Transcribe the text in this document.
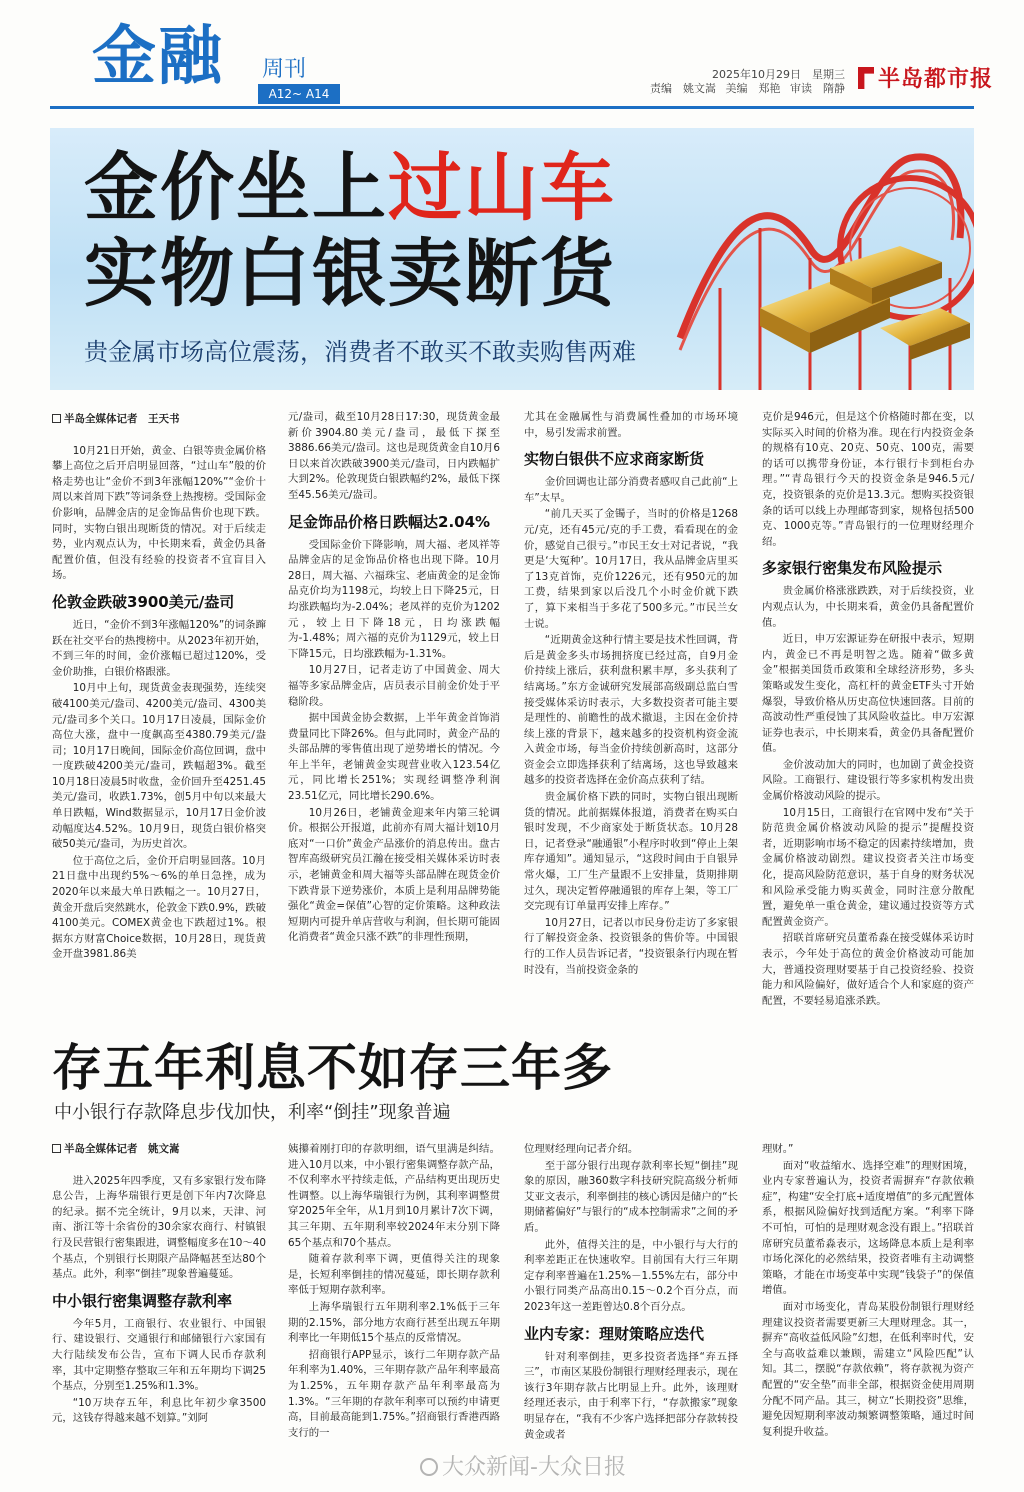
金融 周刊
A12~ A14
2025年10月29日　星期三
责编　姚文嵩 美编　郑艳 审读　隋静	半岛都市报
金价坐上过山车
实物白银卖断货
贵金属市场高位震荡，消费者不敢买不敢卖购售两难
半岛全媒体记者　王天书

10月21日开始，黄金、白银等贵金属价格攀上高位之后开启明显回落，“过山车”般的价格走势也让“金价不到3年涨幅120%”“金价十周以来首周下跌”等词条登上热搜榜。受国际金价影响，品牌金店的足金饰品售价也现下跌。同时，实物白银出现断货的情况。对于后续走势，业内观点认为，中长期来看，黄金仍具备配置价值，但没有经验的投资者不宜盲目入场。

伦敦金跌破3900美元/盎司

近日，“金价不到3年涨幅120%”的词条蹿跃在社交平台的热搜榜中。从2023年初开始，不到三年的时间，金价涨幅已超过120%，受金价助推，白银价格跟涨。

10月中上旬，现货黄金表现强势，连续突破4100美元/盎司、4200美元/盎司、4300美元/盎司多个关口。10月17日凌晨，国际金价高位大涨，盘中一度飙高至4380.79美元/盎司；10月17日晚间，国际金价高位回调，盘中一度跌破4200美元/盎司，跌幅超3%。截至10月18日凌晨5时收盘，金价回升至4251.45美元/盎司，收跌1.73%，创5月中旬以来最大单日跌幅，Wind数据显示，10月17日金价波动幅度达4.52%。10月9日，现货白银价格突破50美元/盎司，为历史首次。

位于高位之后，金价开启明显回落。10月21日盘中出现约5%～6%的单日急挫，成为2020年以来最大单日跌幅之一。10月27日，黄金开盘后突然跳水，伦敦金下跌0.9%，跌破4100美元。COMEX黄金也下跌超过1%。根据东方财富Choice数据，10月28日，现货黄金开盘3981.86美

元/盎司，截至10月28日17:30，现货黄金最新价3904.80美元/盎司，最低下探至3886.66美元/盎司。这也是现货黄金自10月6日以来首次跌破3900美元/盎司，日内跌幅扩大到2%。伦敦现货白银跌幅约2%，最低下探至45.56美元/盎司。

足金饰品价格日跌幅达2.04%

受国际金价下降影响，周大福、老凤祥等品牌金店的足金饰品价格也出现下降。10月28日，周大福、六福珠宝、老庙黄金的足金饰品克价均为1198元，均较上日下降25元，日均涨跌幅均为-2.04%；老凤祥的克价为1202元，较上日下降18元，日均涨跌幅为-1.48%；周六福的克价为1129元，较上日下降15元，日均涨跌幅为-1.31%。

10月27日，记者走访了中国黄金、周大福等多家品牌金店，店员表示目前金价处于平稳阶段。

据中国黄金协会数据，上半年黄金首饰消费量同比下降26%。但与此同时，黄金产品的头部品牌的零售值出现了逆势增长的情况。今年上半年，老铺黄金实现营业收入123.54亿元，同比增长251%；实现经调整净利润23.51亿元，同比增长290.6%。

10月26日，老铺黄金迎来年内第三轮调价。根据公开报道，此前亦有周大福计划10月底对“一口价”黄金产品涨价的消息传出。盘古智库高级研究员江瀚在接受相关媒体采访时表示，老铺黄金和周大福等头部品牌在现货金价下跌背景下逆势涨价，本质上是利用品牌势能强化“黄金=保值”心智的定价策略。这种政法短期内可提升单店营收与利润，但长期可能固化消费者“黄金只涨不跌”的非理性预期，

尤其在金融属性与消费属性叠加的市场环境中，易引发需求前置。

实物白银供不应求商家断货

金价回调也让部分消费者感叹自己此前“上车”太早。

“前几天买了金镯子，当时的价格是1268元/克，还有45元/克的手工费，看看现在的金价，感觉自己很亏。”市民王女士对记者说，“我更是‘大冤种’。10月17日，我从品牌金店里买了13克首饰，克价1226元，还有950元的加工费，结果到家以后没几个小时金价就下跌了，算下来相当于多花了500多元。”市民兰女士说。

“近期黄金这种行情主要是技术性回调，背后是黄金多头市场拥挤度已经过高，自9月金价持续上涨后，获利盘积累丰厚，多头获利了结离场。”东方金诚研究发展部高级副总监白雪接受媒体采访时表示，大多数投资者可能主要是理性的、前瞻性的战术撤退，主因在金价持续上涨的背景下，越来越多的投资机构资金流入黄金市场，每当金价持续创新高时，这部分资金会立即选择获利了结离场，这也导致越来越多的投资者选择在金价高点获利了结。

贵金属价格下跌的同时，实物白银出现断货的情况。此前据媒体报道，消费者在购买白银时发现，不少商家处于断货状态。10月28日，记者登录“融通银”小程序时收到“停止上架库存通知”。通知显示，“这段时间由于自银异常火爆，工厂生产量跟不上安排量，货期排期过久，现决定暂停融通银的库存上架，等工厂交完现有订单量再安排上库存。”

10月27日，记者以市民身份走访了多家银行了解投资金条、投资银条的售价等。中国银行的工作人员告诉记者，“投资银条行内现在暂时没有，当前投资金条的

克价是946元，但是这个价格随时都在变，以实际买入时间的价格为准。现在行内投资金条的规格有10克、20克、50克、100克，需要的话可以携带身份证，本行银行卡到柜台办理。”“青岛银行今天的投资金条是946.5元/克，投资银条的克价是13.3元。想购买投资银条的话可以线上办理邮寄到家，规格包括500克、1000克等。”青岛银行的一位理财经理介绍。

多家银行密集发布风险提示

贵金属价格涨涨跌跌，对于后续投资，业内观点认为，中长期来看，黄金仍具备配置价值。

近日，申万宏源证券在研报中表示，短期内，黄金已不再是明智之选。随着“做多黄金”根据美国货币政策和全球经济形势，多头策略或发生变化，高杠杆的黄金ETF头寸开始爆裂，导致价格从历史高位快速回落。目前的高波动性严重侵蚀了其风险收益比。申万宏源证券也表示，中长期来看，黄金仍具备配置价值。

金价波动加大的同时，也加剧了黄金投资风险。工商银行、建设银行等多家机构发出贵金属价格波动风险的提示。

10月15日，工商银行在官网中发布“关于防范贵金属价格波动风险的提示”提醒投资者，近期影响市场不稳定的因素持续增加，贵金属价格波动剧烈。建议投资者关注市场变化，提高风险防范意识，基于自身的财务状况和风险承受能力购买黄金，同时注意分散配置，避免单一重仓黄金，建议通过投资等方式配置黄金资产。

招联首席研究员董希淼在接受媒体采访时表示，今年处于高位的黄金价格波动可能加大，普通投资理财要基于自己投资经验、投资能力和风险偏好，做好适合个人和家庭的资产配置，不要轻易追涨杀跌。

存五年利息不如存三年多
中小银行存款降息步伐加快，利率“倒挂”现象普遍
半岛全媒体记者　姚文嵩

进入2025年四季度，又有多家银行发布降息公告，上海华瑞银行更是创下年内7次降息的纪录。据不完全统计，9月以来，天津、河南、浙江等十余省份的30余家农商行、村镇银行及民营银行密集跟进，调整幅度多在10～40个基点，个别银行长期限产品降幅甚至达80个基点。此外，利率“倒挂”现象普遍蔓延。

中小银行密集调整存款利率

今年5月，工商银行、农业银行、中国银行、建设银行、交通银行和邮储银行六家国有大行陆续发布公告，宣布下调人民币存款利率，其中定期整存整取三年和五年期均下调25个基点，分别至1.25%和1.3%。

“10万块存五年，利息比年初少拿3500元，这钱存得越来越不划算。”刘阿

姨攥着刚打印的存款明细，语气里满是纠结。进入10月以来，中小银行密集调整存款产品，不仅利率水平持续走低，产品结构更出现历史性调整。以上海华瑞银行为例，其利率调整贯穿2025年全年，从1月到10月累计7次下调，其三年期、五年期利率较2024年末分别下降65个基点和70个基点。

随着存款利率下调，更值得关注的现象是，长短利率倒挂的情况蔓延，即长期存款利率低于短期存款利率。

上海华瑞银行五年期利率2.1%低于三年期的2.15%，部分地方农商行甚至出现五年期利率比一年期低15个基点的反常情况。

招商银行APP显示，该行二年期存款产品年利率为1.40%，三年期存款产品年利率最高为1.25%，五年期存款产品年利率最高为1.3%。“三年期的存款年利率可以预约申请更高，目前最高能到1.75%。”招商银行香港西路支行的一

位理财经理向记者介绍。

至于部分银行出现存款利率长短“倒挂”现象的原因，融360数字科技研究院高级分析师艾亚文表示，利率倒挂的核心诱因是储户的“长期储蓄偏好”与银行的“成本控制需求”之间的矛盾。

此外，值得关注的是，中小银行与大行的利率差距正在快速收窄。目前国有大行三年期定存利率普遍在1.25%－1.55%左右，部分中小银行同类产品高出0.15～0.2个百分点，而2023年这一差距曾达0.8个百分点。

业内专家：理财策略应迭代

针对利率倒挂，更多投资者选择“弃五择三”，市南区某股份制银行理财经理表示，现在该行3年期存款占比明显上升。此外，该理财经理还表示，由于利率下行，“存款搬家”现象明显存在，“我有不少客户选择把部分存款转投黄金或者

理财。”

面对“收益缩水、选择空难”的理财困境，业内专家普遍认为，投资者需摒弃“存款依赖症”，构建“安全打底+适度增值”的多元配置体系，根据风险偏好找到适配方案。“利率下降不可怕，可怕的是理财观念没有跟上。”招联首席研究员董希淼表示，这场降息本质上是利率市场化深化的必然结果，投资者唯有主动调整策略，才能在市场变革中实现“钱袋子”的保值增值。

面对市场变化，青岛某股份制银行理财经理建议投资者需要更新三大理财理念。其一，摒弃“高收益低风险”幻想，在低利率时代，安全与高收益难以兼顾，需建立“风险匹配”认知。其二，摆脱“存款依赖”，将存款视为资产配置的“安全垫”而非全部，根据资金使用周期分配不同产品。其三，树立“长期投资”思维，避免因短期利率波动频繁调整策略，通过时间复利提升收益。

大众新闻-大众日报
